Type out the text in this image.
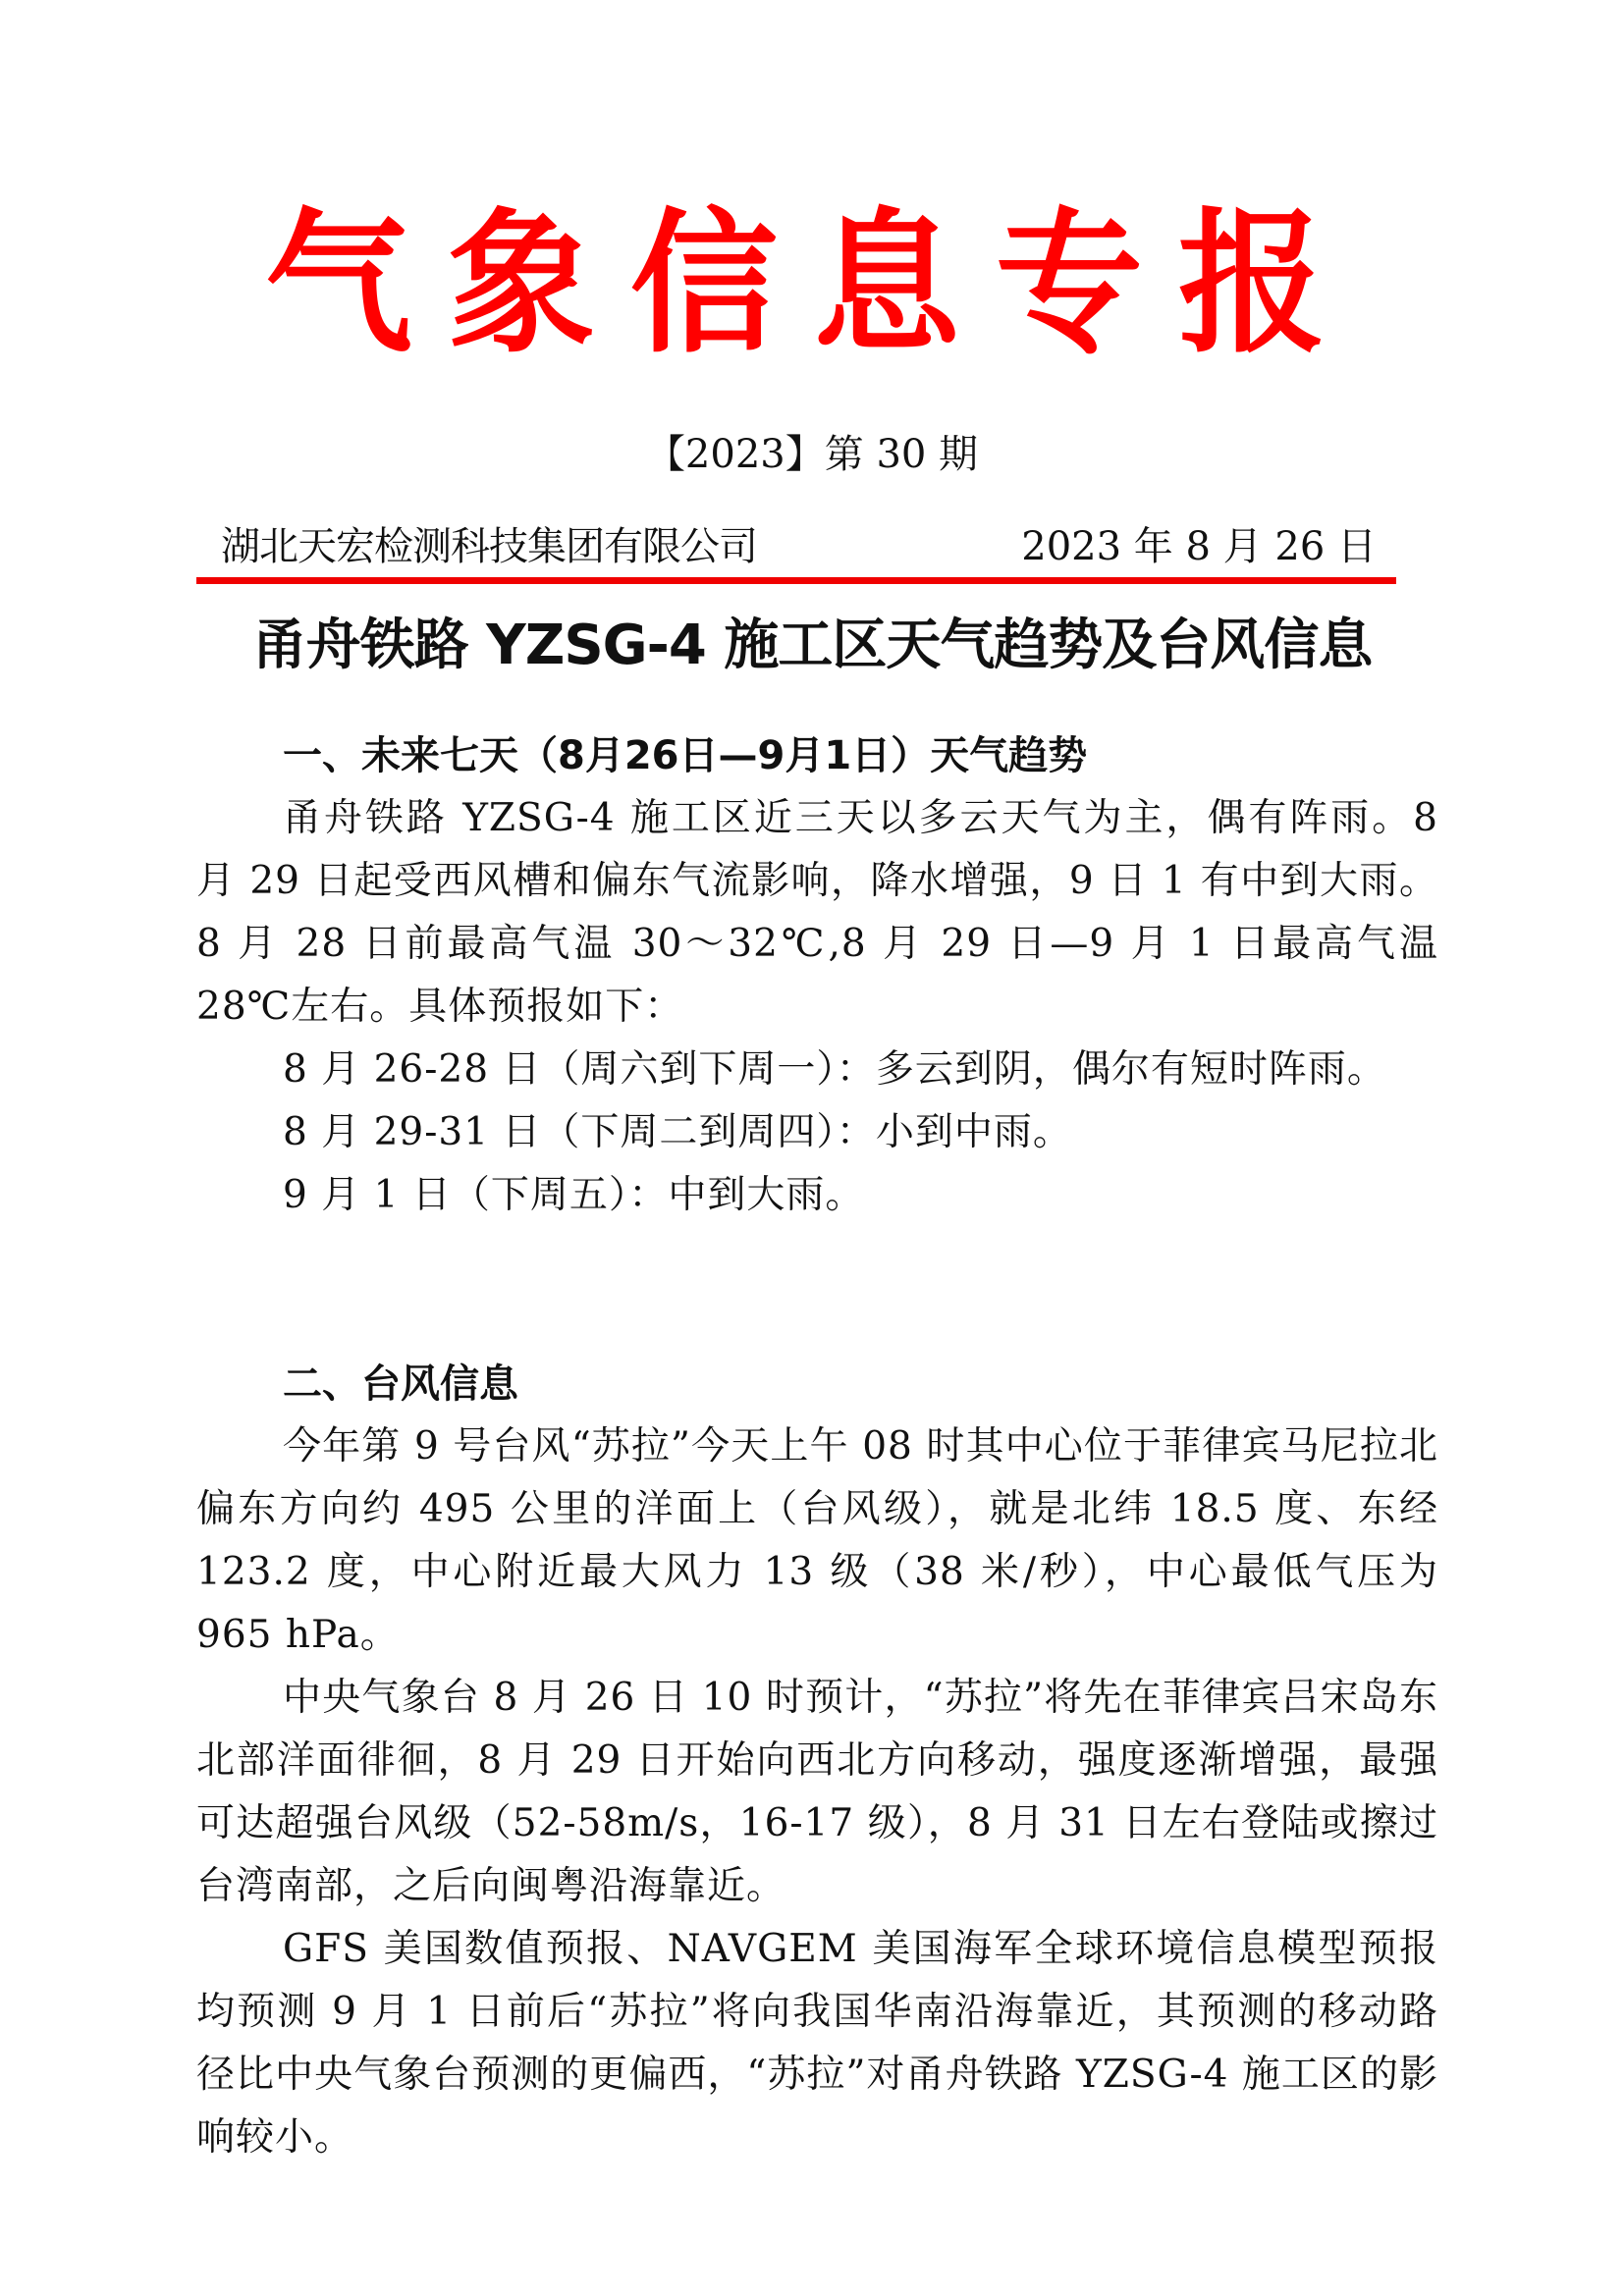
气 象 信 息 专 报
【2023】第 30 期
湖北天宏检测科技集团有限公司	2023 年 8 月 26 日
甬舟铁路 YZSG-4 施工区天气趋势及台风信息
一、未来七天（8月26日—9月1日）天气趋势

甬舟铁路 YZSG-4 施工区近三天以多云天气为主，偶有阵雨。8 月 29 日起受西风槽和偏东气流影响，降水增强，9 日 1 有中到大雨。8 月 28 日前最高气温 30～32℃,8 月 29 日—9 月 1 日最高气温 28℃左右。具体预报如下：

8 月 26-28 日（周六到下周一）：多云到阴，偶尔有短时阵雨。

8 月 29-31 日（下周二到周四）：小到中雨。

9 月 1 日（下周五）：中到大雨。

二、台风信息

今年第 9 号台风“苏拉”今天上午 08 时其中心位于菲律宾马尼拉北偏东方向约 495 公里的洋面上（台风级），就是北纬 18.5 度、东经 123.2 度，中心附近最大风力 13 级（38 米/秒），中心最低气压为 965 hPa。

中央气象台 8 月 26 日 10 时预计，“苏拉”将先在菲律宾吕宋岛东北部洋面徘徊，8 月 29 日开始向西北方向移动，强度逐渐增强，最强可达超强台风级（52-58m/s，16-17 级），8 月 31 日左右登陆或擦过台湾南部，之后向闽粤沿海靠近。

GFS 美国数值预报、NAVGEM 美国海军全球环境信息模型预报均预测 9 月 1 日前后“苏拉”将向我国华南沿海靠近，其预测的移动路径比中央气象台预测的更偏西，“苏拉”对甬舟铁路 YZSG-4 施工区的影响较小。
